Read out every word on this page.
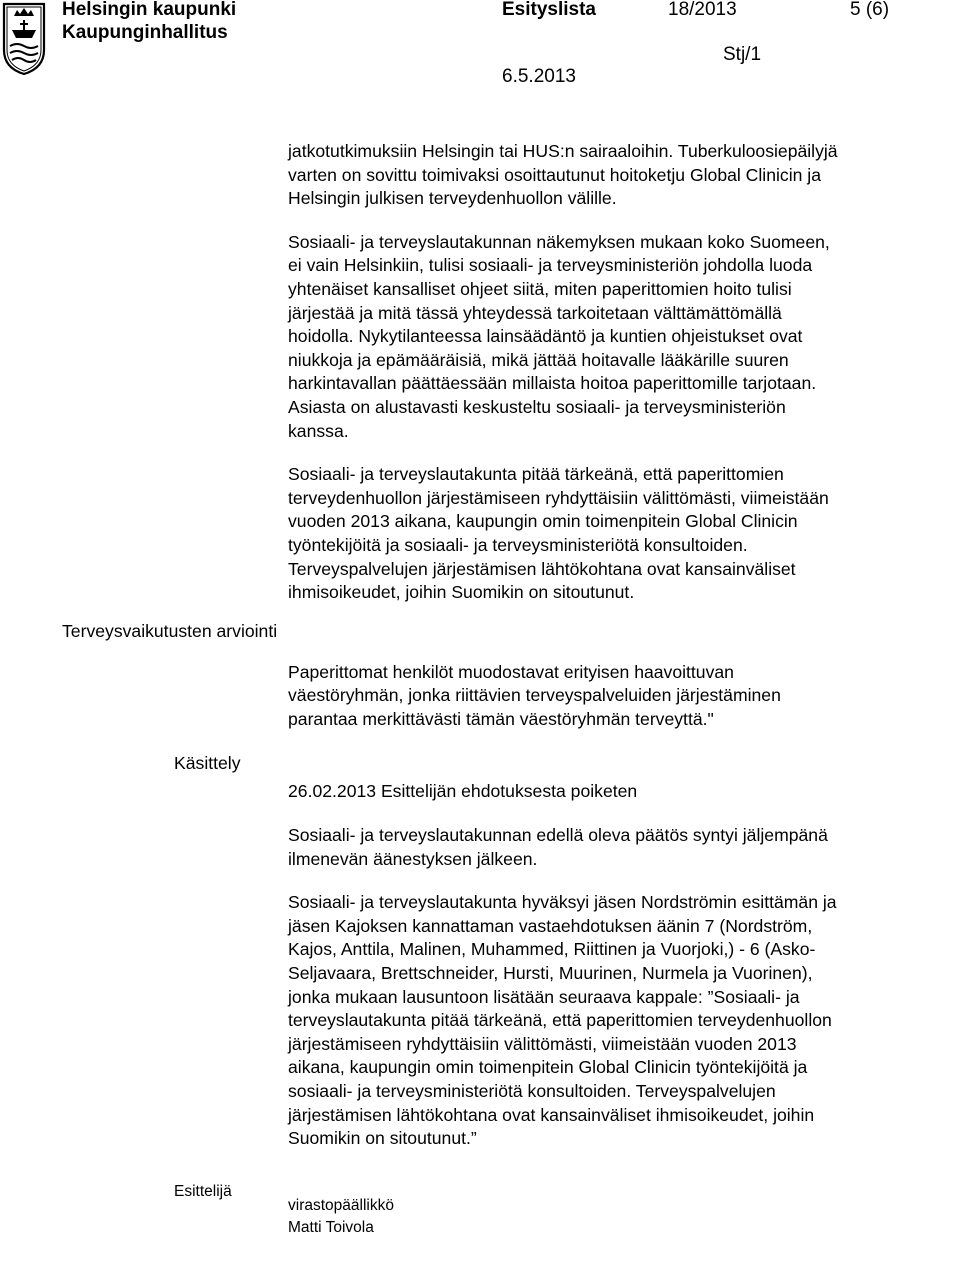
Helsingin kaupunki
Kaupunginhallitus
Esityslista	18/2013	5 (6)
Stj/1
6.5.2013
Terveysvaikutusten arviointi
Käsittely
Esittelijä

jatkotutkimuksiin Helsingin tai HUS:n sairaaloihin. Tuberkuloosiepäilyjä
varten on sovittu toimivaksi osoittautunut hoitoketju Global Clinicin ja
Helsingin julkisen terveydenhuollon välille.

Sosiaali- ja terveyslautakunnan näkemyksen mukaan koko Suomeen,
ei vain Helsinkiin, tulisi sosiaali- ja terveysministeriön johdolla luoda
yhtenäiset kansalliset ohjeet siitä, miten paperittomien hoito tulisi
järjestää ja mitä tässä yhteydessä tarkoitetaan välttämättömällä
hoidolla. Nykytilanteessa lainsäädäntö ja kuntien ohjeistukset ovat
niukkoja ja epämääräisiä, mikä jättää hoitavalle lääkärille suuren
harkintavallan päättäessään millaista hoitoa paperittomille tarjotaan.
Asiasta on alustavasti keskusteltu sosiaali- ja terveysministeriön
kanssa.

Sosiaali- ja terveyslautakunta pitää tärkeänä, että paperittomien
terveydenhuollon järjestämiseen ryhdyttäisiin välittömästi, viimeistään
vuoden 2013 aikana, kaupungin omin toimenpitein Global Clinicin
työntekijöitä ja sosiaali- ja terveysministeriötä konsultoiden.
Terveyspalvelujen järjestämisen lähtökohtana ovat kansainväliset
ihmisoikeudet, joihin Suomikin on sitoutunut.

Paperittomat henkilöt muodostavat erityisen haavoittuvan
väestöryhmän, jonka riittävien terveyspalveluiden järjestäminen
parantaa merkittävästi tämän väestöryhmän terveyttä."

26.02.2013 Esittelijän ehdotuksesta poiketen

Sosiaali- ja terveyslautakunnan edellä oleva päätös syntyi jäljempänä
ilmenevän äänestyksen jälkeen.

Sosiaali- ja terveyslautakunta hyväksyi jäsen Nordströmin esittämän ja
jäsen Kajoksen kannattaman vastaehdotuksen äänin 7 (Nordström,
Kajos, Anttila, Malinen, Muhammed, Riittinen ja Vuorjoki,) - 6 (Asko-
Seljavaara, Brettschneider, Hursti, Muurinen, Nurmela ja Vuorinen),
jonka mukaan lausuntoon lisätään seuraava kappale: ”Sosiaali- ja
terveyslautakunta pitää tärkeänä, että paperittomien terveydenhuollon
järjestämiseen ryhdyttäisiin välittömästi, viimeistään vuoden 2013
aikana, kaupungin omin toimenpitein Global Clinicin työntekijöitä ja
sosiaali- ja terveysministeriötä konsultoiden. Terveyspalvelujen
järjestämisen lähtökohtana ovat kansainväliset ihmisoikeudet, joihin
Suomikin on sitoutunut.”

virastopäällikkö
Matti Toivola
